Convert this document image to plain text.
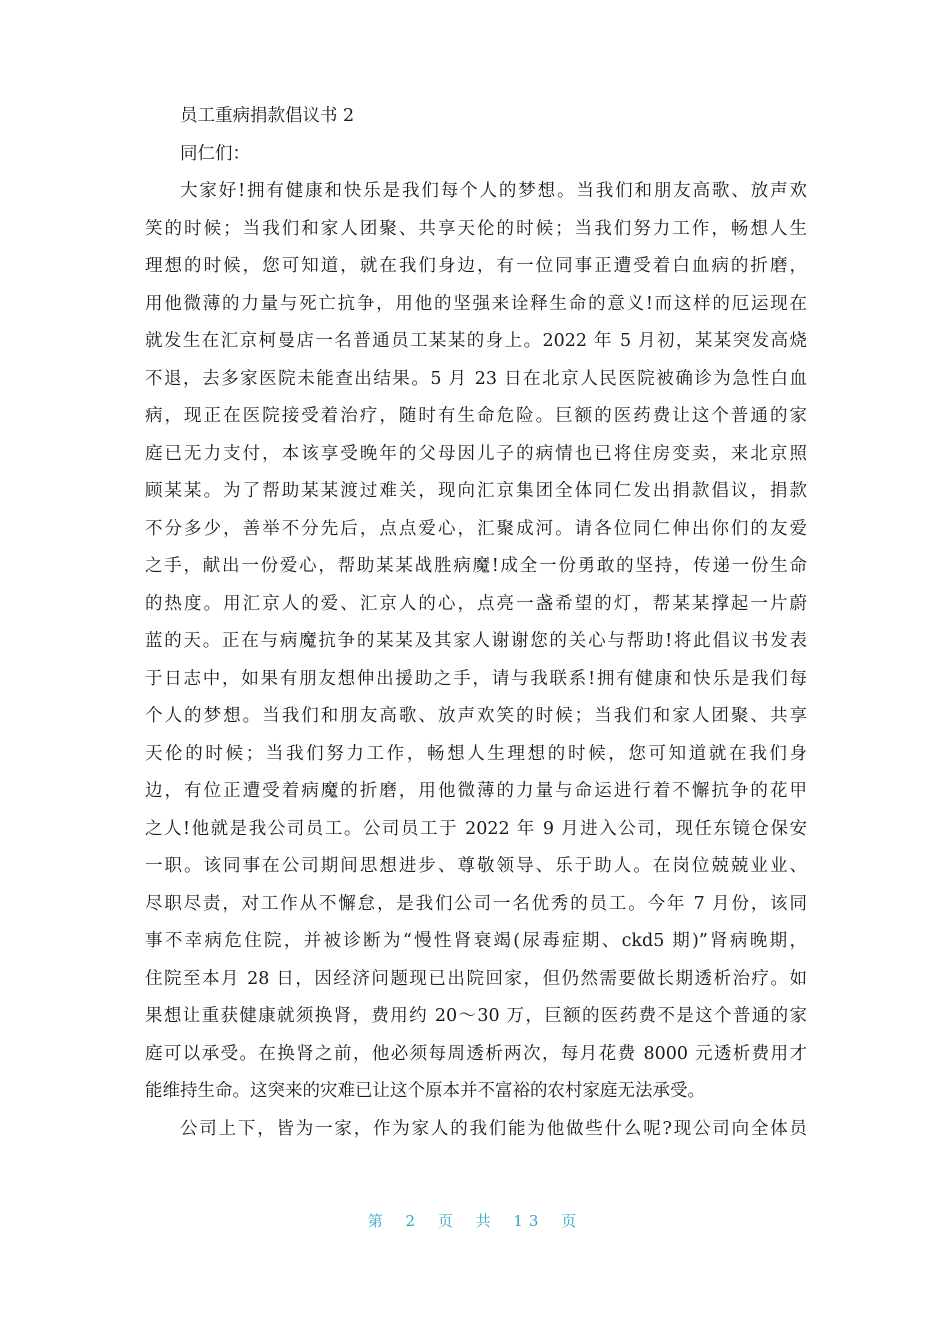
员工重病捐款倡议书 2
同仁们：
大家好!拥有健康和快乐是我们每个人的梦想。当我们和朋友高歌、放声欢
笑的时候；当我们和家人团聚、共享天伦的时候；当我们努力工作，畅想人生
理想的时候，您可知道，就在我们身边，有一位同事正遭受着白血病的折磨，
用他微薄的力量与死亡抗争，用他的坚强来诠释生命的意义!而这样的厄运现在
就发生在汇京柯曼店一名普通员工某某的身上。2022 年 5 月初，某某突发高烧
不退，去多家医院未能查出结果。5 月 23 日在北京人民医院被确诊为急性白血
病，现正在医院接受着治疗，随时有生命危险。巨额的医药费让这个普通的家
庭已无力支付，本该享受晚年的父母因儿子的病情也已将住房变卖，来北京照
顾某某。为了帮助某某渡过难关，现向汇京集团全体同仁发出捐款倡议，捐款
不分多少，善举不分先后，点点爱心，汇聚成河。请各位同仁伸出你们的友爱
之手，献出一份爱心，帮助某某战胜病魔!成全一份勇敢的坚持，传递一份生命
的热度。用汇京人的爱、汇京人的心，点亮一盏希望的灯，帮某某撑起一片蔚
蓝的天。正在与病魔抗争的某某及其家人谢谢您的关心与帮助!将此倡议书发表
于日志中，如果有朋友想伸出援助之手，请与我联系!拥有健康和快乐是我们每
个人的梦想。当我们和朋友高歌、放声欢笑的时候；当我们和家人团聚、共享
天伦的时候；当我们努力工作，畅想人生理想的时候，您可知道就在我们身
边，有位正遭受着病魔的折磨，用他微薄的力量与命运进行着不懈抗争的花甲
之人!他就是我公司员工。公司员工于 2022 年 9 月进入公司，现任东镜仓保安
一职。该同事在公司期间思想进步、尊敬领导、乐于助人。在岗位兢兢业业、
尽职尽责，对工作从不懈怠，是我们公司一名优秀的员工。今年 7 月份，该同
事不幸病危住院，并被诊断为“慢性肾衰竭(尿毒症期、ckd5 期)”肾病晚期，
住院至本月 28 日，因经济问题现已出院回家，但仍然需要做长期透析治疗。如
果想让重获健康就须换肾，费用约 20～30 万，巨额的医药费不是这个普通的家
庭可以承受。在换肾之前，他必须每周透析两次，每月花费 8000 元透析费用才
能维持生命。这突来的灾难已让这个原本并不富裕的农村家庭无法承受。
公司上下，皆为一家，作为家人的我们能为他做些什么呢?现公司向全体员
第 2 页 共 13 页
